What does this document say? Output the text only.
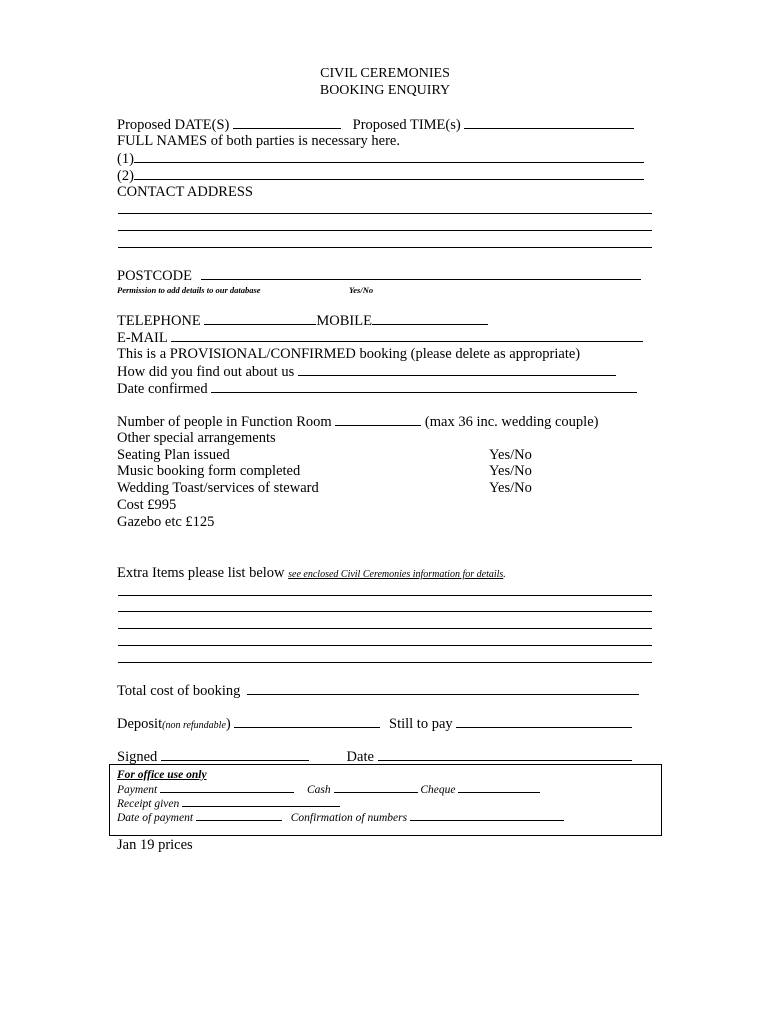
CIVIL CEREMONIES
BOOKING ENQUIRY
Proposed DATE(S)	Proposed TIME(s)
FULL NAMES of both parties is necessary here.
(1)
(2)
CONTACT ADDRESS
POSTCODE
Permission to add details to our database	Yes/No
TELEPHONE	MOBILE
E-MAIL
This is a PROVISIONAL/CONFIRMED booking (please delete as appropriate)
How did you find out about us
Date confirmed
Number of people in Function Room	(max 36 inc. wedding couple)
Other special arrangements
Seating Plan issued	Yes/No
Music booking form completed	Yes/No
Wedding Toast/services of steward	Yes/No
Cost £995
Gazebo etc £125
Extra Items please list below see enclosed Civil Ceremonies information for details.
Total cost of booking
Deposit(non refundable)	Still to pay
Signed	Date
For office use only
Payment	Cash	Cheque
Receipt given
Date of payment	Confirmation of numbers
Jan 19 prices
